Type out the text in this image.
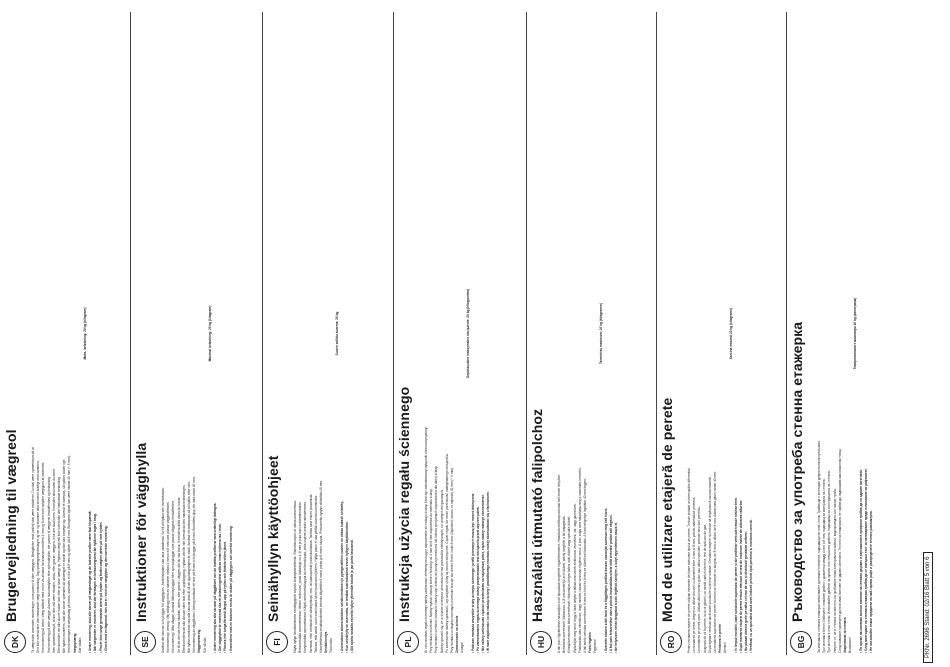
DK
Brugervejledning til vægreol	Til vægreolen anvendes monteringer, som passer til dine vægtyper. Beskyttelse mod jordfejl skal være installeret. Du skal være opmærksom på at Den ikke overskrider den maksimale vægt belastning. Tag ophængningsbeslaget og rør og stramme altid skruerne kraftigt med sammen. Ved montering på beton: Vælg stålbolt med en let vis afstand fra hinanden mellem 4 mm og 8 mm som opfylder vægtypen af materialet. Ved montering på lette vægge: Anvend hulrumsdybler eller specialdybler, der passer til væggens beskaffenhed og belastning. Vær opmærksom på, at der ikke må være elkabler, vand- eller gasrør i væggen, hvor der skal bores. Kontrollér altid inden du borer. Efterkontroller om alle skruer sidder fast efter at have hængt op. Hyldens vægt må ikke overskride den maksimale belastning. Når hylden monteres, skal alle skruer spændes så ophænget er stabilt og ikke kan bevæge sig. Anvend et vaterpas, så hylden sidder lige. Ved monteringen af vægbeslag på beton, anvendes et bor på 8 mm og dybler på 8 mm. Boringens dybde bør være mindst 40 mm (+ 5 mm). Vægophæng Gør sådan:

Maks. belastning: 20 kg (kilogram)

• Under montering, skal alle skruer på vægbeslaget og de lodrette profiler være fast tilspændt. • Når vægreolen er monteret, skal der foretages en belastningstest før hylderne tages i brug. • Placér ikke tunge genstande øverst på hylden og fordel vægten jævnt på hele hylden. • Check med en fagmand, hvis du er i tvivl om vægtypen og den korrekte montering.	SE
Instruktioner för vägghylla	Använd rätt skruvar och pluggar för väggtypen. Jordfelsbrytare ska vara installerad. Se till att hyllan inte överbelastas. Vid montering i betong: Välj stålplugg med en diameter mellan 4 mm och 8 mm som passar väggmaterialet. Vid montering i lätta väggar: Använd hålrumspluggar eller specialpluggar som passar väggens beskaffenhet. Se till att det inte finns elkablar, vatten- eller gasrör i väggen där du ska borra. Kontrollera alltid innan du borrar. Efterkontrollera att alla skruvar sitter fast efter upphängning. Hyllans vikt får inte överskrida den maximala belastningen. När hyllan monteras ska alla skruvar dras åt så att upphängningen är stabil. Använd ett vattenpass så att hyllan sitter rakt. Vid montering av väggfästen i betong används ett borr på 8 mm och pluggar på 8 mm. Borrhålets djup bör vara minst 40 mm. Väggmontering Gör så här:

Maximal belastning: 20 kg (kilogram)

• Under montering ska alla skruvar på väggfästet och de lodräta profilerna vara ordentligt åtdragna. • Om vägghyllan är monterad ska ett belastningstest utföras innan hyllorna tas i bruk. • Placera inte tunga föremål längst upp på hyllan och fördela vikten jämnt. • Kontrollera med en fackman om du är osäker på väggtypen och korrekt montering.	FI
Seinähyllyn käyttöohjeet	Käytä hyllyn kiinnittämiseen seinätyyppiisi sopivia kiinnitystarvikkeita. Vikavirtasuojan on oltava asennettuna. Betoniseinään asennettaessa: Valitse teräsruuvi, jonka halkaisija on 4–8 mm ja joka sopii seinämateriaaliin. Kevytseinään asennettaessa: Käytä onteloseinätulppia tai erikoistulppia, jotka sopivat seinän rakenteeseen. Varmista, ettei seinässä ole sähköjohtoja, vesi- tai kaasuputkia porauskohdassa. Tarkista aina ennen poraamista. Tarkista, että kaikki ruuvit ovat tiukasti kiinni ripustuksen jälkeen. Hyllyn paino ei saa ylittää suurinta kuormitusta. Kiinnitettäessä seinäkiinnikkeitä betoniin käytetään 8 mm:n poraa ja 8 mm:n tulppia. Porausreiän syvyys vähintään 40 mm. Seinäkiinnitys Toimi näin:

Suurin sallittu kuorma: 20 kg

• Asennuksen aikana kaikkien seinäkiinnikkeen ja pystyprofiilien ruuvien on oltava tiukasti kiristetty. • Kun seinähylly on asennettu, on tehtävä kuormitustesti ennen hyllyjen käyttöönottoa. • Älä sijoita raskaita esineitä hyllyn ylimmälle tasolle ja jaa paino tasaisesti.	PL
Instrukcja użycia regału ściennego	W celu montażu regału ściennego należy zastosować elementy mocujące odpowiednie do rodzaju ściany. Musi być zainstalowany wyłącznik różnicowoprądowy. Przy montażu w betonie: Należy wybrać stalowy kołek o średnicy od 4 mm do 8 mm odpowiedni do materiału ściany. Przy montażu w lekkich ścianach: Należy użyć kołków do pustych przestrzeni lub kołków specjalnych odpowiednich dla danej ściany. Należy upewnić się, że w ścianie w miejscu wiercenia nie ma przewodów elektrycznych, rur wodnych ani gazowych. Po zawieszeniu należy sprawdzić, czy wszystkie śruby są mocno dokręcone. Ciężar regału nie może przekraczać maksymalnego obciążenia. Przy montażu uchwytów ściennych w betonie stosuje się wiertło 8 mm i kołki 8 mm. Głębokość otworu co najmniej 40 mm (+ 5 mm). Zamocowanie na ścianie Uwaga!

Dopuszczalne maksymalne obciążenie: 20 kg (kilogramów)

• Podczas montażu wszystkie śruby uchwytu ściennego i profili pionowych muszą być mocno dokręcone. • Po zamontowaniu regału ściennego należy przeprowadzić test obciążenia przed użyciem półek. • Nie należy umieszczać ciężkich przedmiotów na najwyższej półce, ciężar należy rozłożyć równomiernie. • W razie wątpliwości co do rodzaju ściany i prawidłowego montażu należy skonsultować się z fachowcem.	HU
Használati útmutató falipolchoz	A fali polc rögzítéséhez használjon a fal típusának megfelelő rögzítőelemeket. Hibaáram-védőkapcsolónak kell lennie telepítve. Betonfalra szerelésnél: Válasszon 4–8 mm átmérőjű acél dübelt, amely megfelel a fal anyagának. Könnyűszerkezetes falra szerelésnél: Használjon üreges falhoz való dübelt vagy speciális dübelt. Győződjön meg arról, hogy a fúrás helyén a falban nincsenek elektromos vezetékek, víz- vagy gázcsövek. Felakasztás után ellenőrizze, hogy minden csavar szorosan rögzítve van-e. A polc súlya nem haladhatja meg a maximális terhelést. A fali tartók betonba szerelésekor 8 mm-es fúrót és 8 mm-es dübelt kell használni. A furat mélysége legalább 40 mm legyen. Falra rögzítés Figyelem!

Teherbírás maximum: 20 kg (kilogramm)

• Szerelés közben a fali tartó és a függőleges profilok összes csavarját szorosan meg kell húzni. • A fali polc felszerelése után a polcok használatba vétele előtt terhelési próbát kell végezni. • Ne helyezzen nehéz tárgyakat a polc legfelső szintjére, a súlyt egyenletesen ossza el.	RO
Mod de utilizare etajeră de perete	Pentru montarea etajerei de perete utilizați elemente de fixare adecvate tipului de perete. Trebuie instalat un întrerupător diferențial. La montarea pe beton: Alegeți un dibluri din oțel cu diametrul între 4 mm și 8 mm, potrivit materialului peretelui. La montarea pe pereți ușori: Utilizați dibluri pentru goluri sau dibluri speciale, potrivite structurii peretelui. Asigurați-vă că în perete, la locul găuririi, nu există cabluri electrice, țevi de apă sau de gaz. După agățare verificați dacă toate șuruburile sunt bine strânse. Greutatea etajerei nu trebuie să depășească sarcina maximă. La montarea suporturilor de perete în beton se folosește un burghiu de 8 mm și dibluri de 8 mm. Adâncimea găurii minim 40 mm. Prinderea în perete Atenție!

Sarcina maximă 20 kg (kilograme)

• În timpul montării, toate șuruburile suportului de perete și ale profilelor verticale trebuie strânse ferm. • După montarea etajerei de perete trebuie efectuat un test de încărcare înainte de utilizarea rafturilor. • Nu plasați obiecte grele pe raftul cel mai de sus și distribuiți greutatea uniform. • Verificați cu un specialist dacă aveți îndoieli privind tipul peretelui și montarea corectă.	BG
Ръководство за употреба стенна етажерка	За монтаж на стенната етажерка използвайте крепежни елементи, подходящи за типа стена. Трябва да е монтиран дефектнотоков прекъсвач. При монтаж в бетон: Изберете стоманен дюбел с диаметър между 4 mm и 8 mm, подходящ за материала на стената. При монтаж в леки стени: Използвайте дюбели за кухини или специални дюбели, подходящи за конструкцията на стената. Уверете се, че в стената на мястото на пробиване няма електрически кабели, водопроводни или газови тръби. След окачване проверете дали всички винтове са здраво затегнати. Теглото на етажерката не трябва да надвишава максималния товар. Закрепване за стената Внимание!

Товароносимост максимум 20 kg (килограма)

• По време на монтажа всички винтове на стенния държач и вертикалните профили трябва да са здраво затегнати. • След монтиране на стенната етажерка трябва да се извърши тест за натоварване преди използване на рафтовете. • Не поставяйте тежки предмети на най-горния рафт и разпределете теглото равномерно.	PKNr. 2696 Stand: 02/16 Blatt 5 von 6
